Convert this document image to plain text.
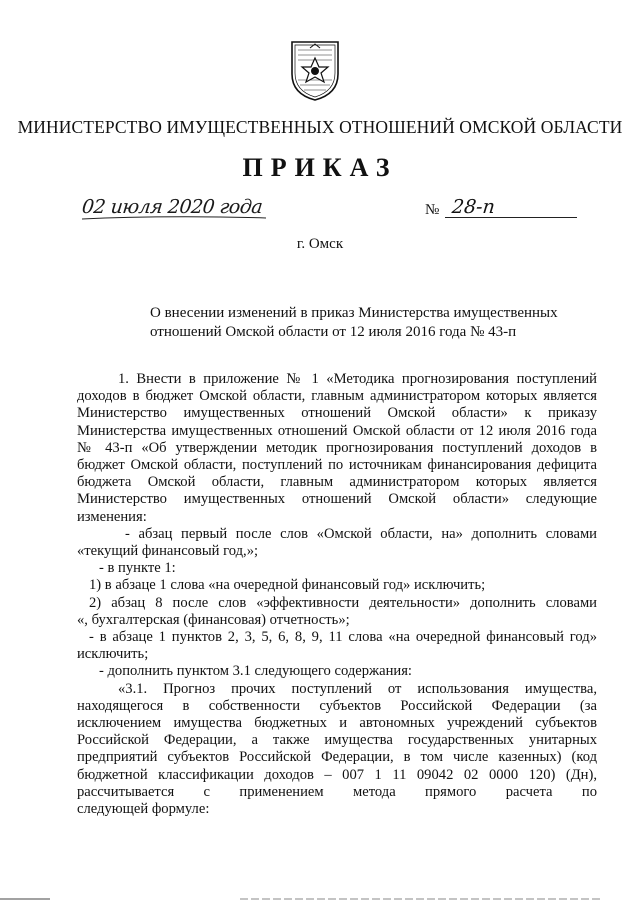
МИНИСТЕРСТВО ИМУЩЕСТВЕННЫХ ОТНОШЕНИЙ ОМСКОЙ ОБЛАСТИ
ПРИКАЗ
02 июля 2020 года	№ 28-п
г. Омск
О внесении изменений в приказ Министерства имущественных
отношений Омской области от 12 июля 2016 года № 43-п
1. Внести в приложение № 1 «Методика прогнозирования поступлений
доходов в бюджет Омской области, главным администратором которых является
Министерство имущественных отношений Омской области» к приказу
Министерства имущественных отношений Омской области от 12 июля 2016 года
№ 43-п «Об утверждении методик прогнозирования поступлений доходов в
бюджет Омской области, поступлений по источникам финансирования дефицита
бюджета Омской области, главным администратором которых является
Министерство имущественных отношений Омской области» следующие
изменения:
- абзац первый после слов «Омской области, на» дополнить словами
«текущий финансовый год,»;
- в пункте 1:
1) в абзаце 1 слова «на очередной финансовый год» исключить;
2) абзац 8 после слов «эффективности деятельности» дополнить словами
«, бухгалтерская (финансовая) отчетность»;
- в абзаце 1 пунктов 2, 3, 5, 6, 8, 9, 11 слова «на очередной финансовый год»
исключить;
- дополнить пунктом 3.1 следующего содержания:
«3.1. Прогноз прочих поступлений от использования имущества,
находящегося в собственности субъектов Российской Федерации (за
исключением имущества бюджетных и автономных учреждений субъектов
Российской Федерации, а также имущества государственных унитарных
предприятий субъектов Российской Федерации, в том числе казенных) (код
бюджетной классификации доходов – 007 1 11 09042 02 0000 120) (Дн),
рассчитывается с применением метода прямого расчета по
следующей формуле:
